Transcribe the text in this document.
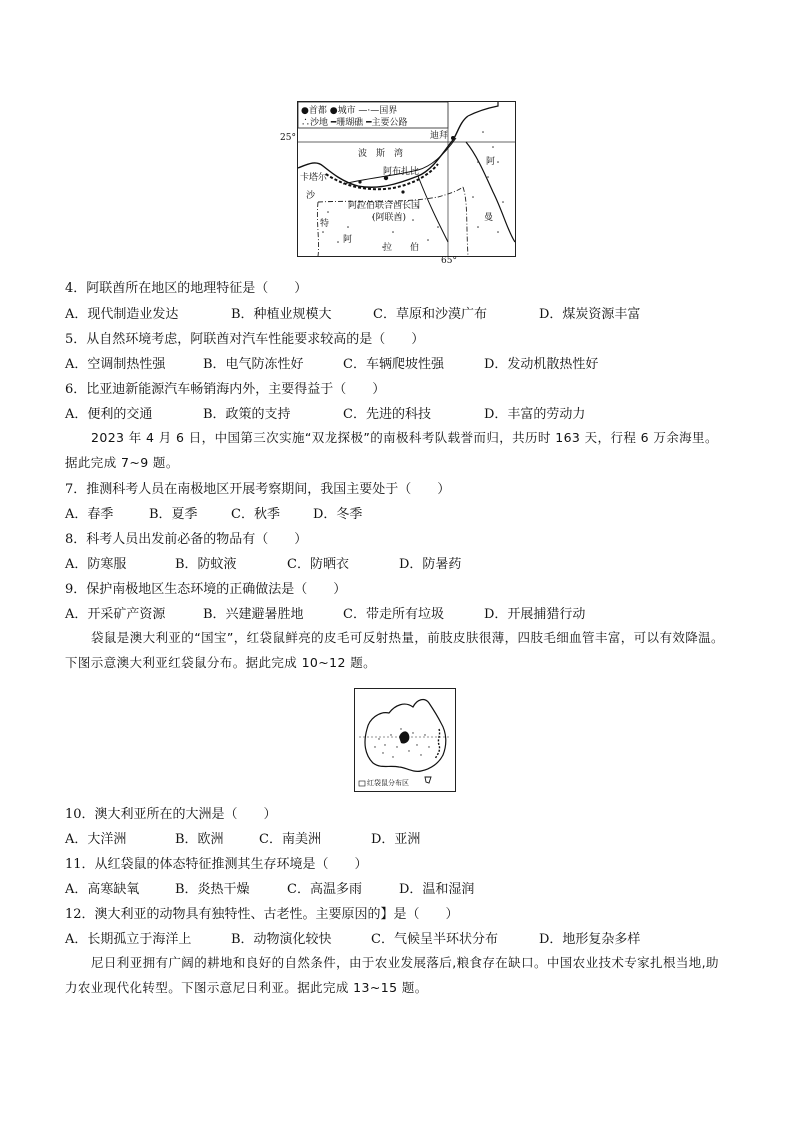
25°
●首都 ●城市 —·—国界
∴沙地 ━珊瑚礁 ━主要公路
迪拜
波 斯 湾
阿布扎比
卡塔尔
沙
阿拉伯联合酋长国
(阿联酋)
特
阿
拉 伯
阿
曼
65°
4．阿联酋所在地区的地理特征是（　　）
A．现代制造业发达	B．种植业规模大	C．草原和沙漠广布	D．煤炭资源丰富
5．从自然环境考虑，阿联酋对汽车性能要求较高的是（　　）
A．空调制热性强	B．电气防冻性好	C．车辆爬坡性强	D．发动机散热性好
6．比亚迪新能源汽车畅销海内外，主要得益于（　　）
A．便利的交通	B．政策的支持	C．先进的科技	D．丰富的劳动力
2023 年 4 月 6 日，中国第三次实施“双龙探极”的南极科考队载誉而归，共历时 163 天，行程 6 万余海里。据此完成 7~9 题。
7．推测科考人员在南极地区开展考察期间，我国主要处于（　　）
A．春季	B．夏季	C．秋季	D．冬季
8．科考人员出发前必备的物品有（　　）
A．防寒服	B．防蚊液	C．防晒衣	D．防暑药
9．保护南极地区生态环境的正确做法是（　　）
A．开采矿产资源	B．兴建避暑胜地	C．带走所有垃圾	D．开展捕猎行动
袋鼠是澳大利亚的“国宝”，红袋鼠鲜亮的皮毛可反射热量，前肢皮肤很薄，四肢毛细血管丰富，可以有效降温。下图示意澳大利亚红袋鼠分布。据此完成 10~12 题。
红袋鼠分布区
10．澳大利亚所在的大洲是（　　）
A．大洋洲	B．欧洲	C．南美洲	D．亚洲
11．从红袋鼠的体态特征推测其生存环境是（　　）
A．高寒缺氧	B．炎热干燥	C．高温多雨	D．温和湿润
12．澳大利亚的动物具有独特性、古老性。主要原因的】是（　　）
A．长期孤立于海洋上	B．动物演化较快	C．气候呈半环状分布	D．地形复杂多样
尼日利亚拥有广阔的耕地和良好的自然条件，由于农业发展落后,粮食存在缺口。中国农业技术专家扎根当地,助力农业现代化转型。下图示意尼日利亚。据此完成 13~15 题。
